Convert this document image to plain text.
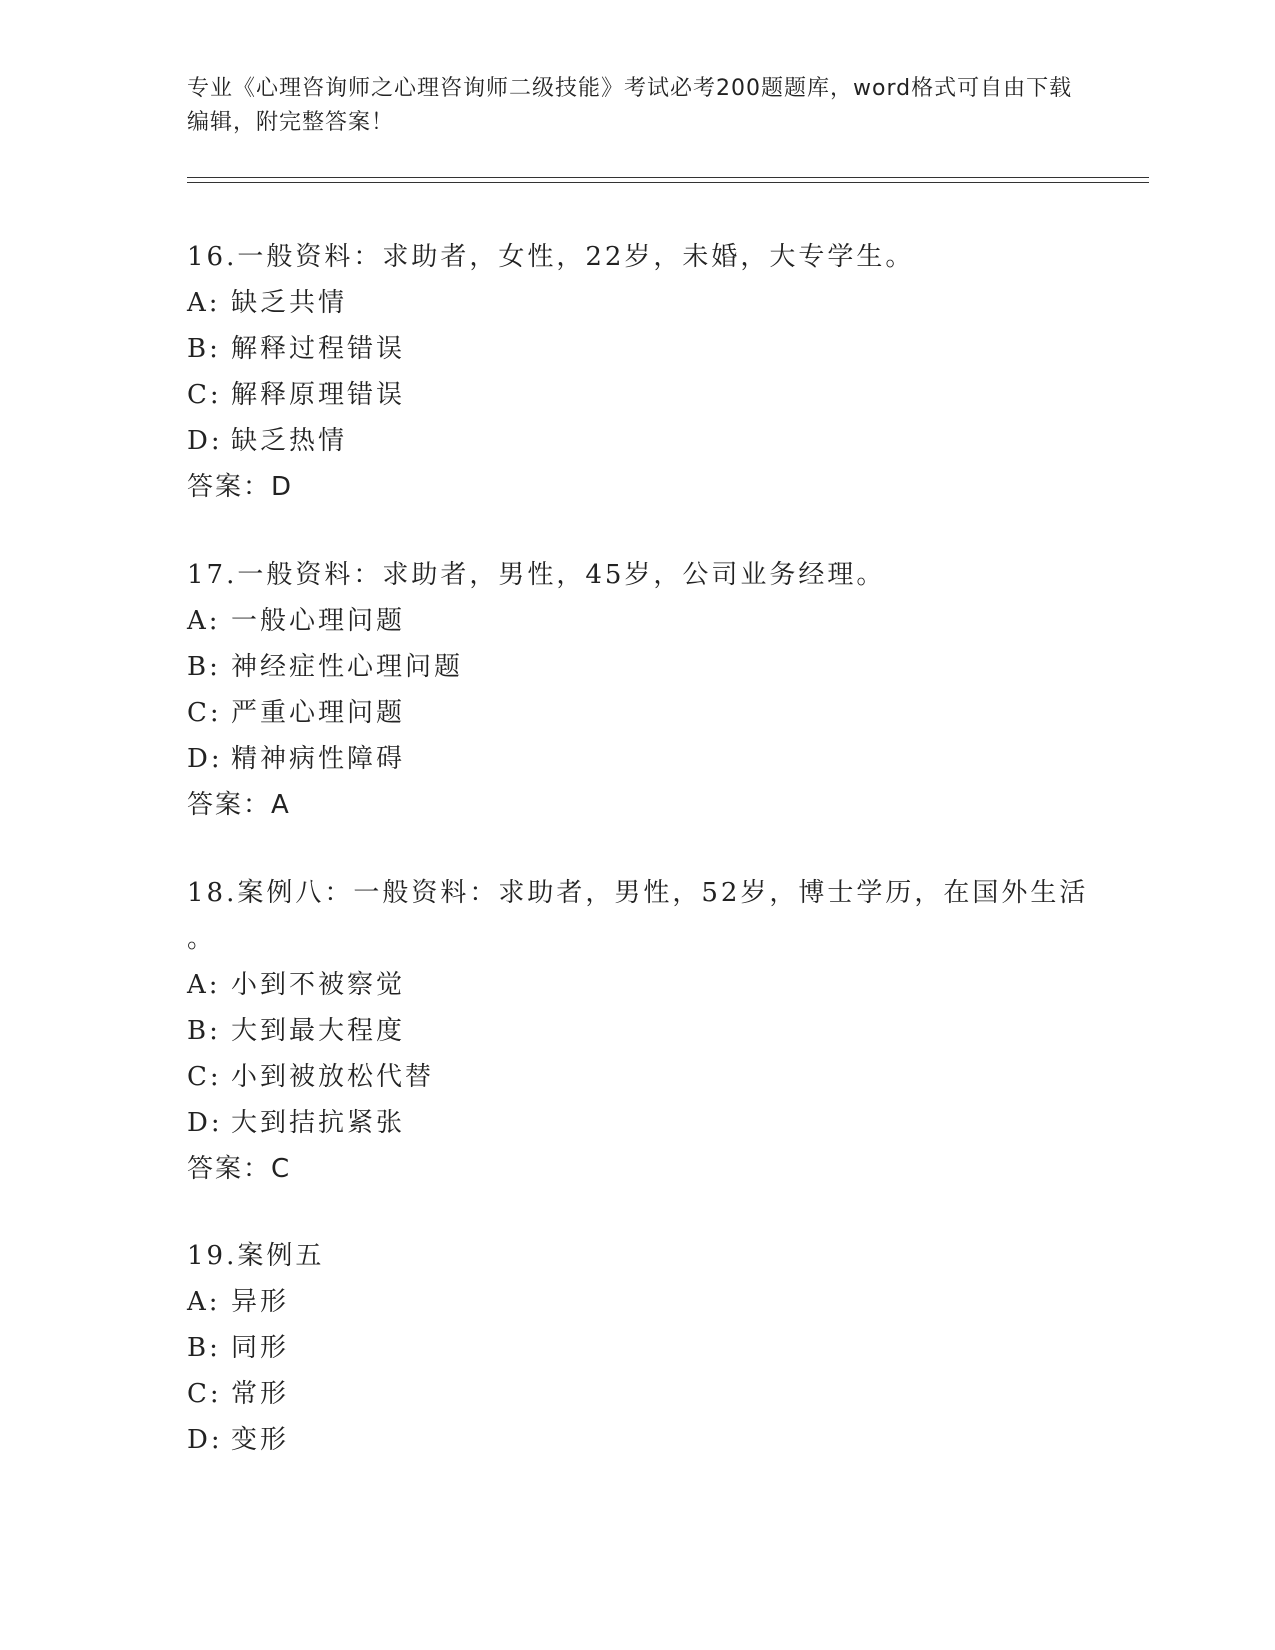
专业《心理咨询师之心理咨询师二级技能》考试必考200题题库，word格式可自由下载编辑，附完整答案！
16.一般资料：求助者，女性，22岁，未婚，大专学生。
A: 缺乏共情
B: 解释过程错误
C: 解释原理错误
D: 缺乏热情
答案：D
17.一般资料：求助者，男性，45岁，公司业务经理。
A: 一般心理问题
B: 神经症性心理问题
C: 严重心理问题
D: 精神病性障碍
答案：A
18.案例八：一般资料：求助者，男性，52岁，博士学历，在国外生活
。
A: 小到不被察觉
B: 大到最大程度
C: 小到被放松代替
D: 大到拮抗紧张
答案：C
19.案例五
A: 异形
B: 同形
C: 常形
D: 变形
